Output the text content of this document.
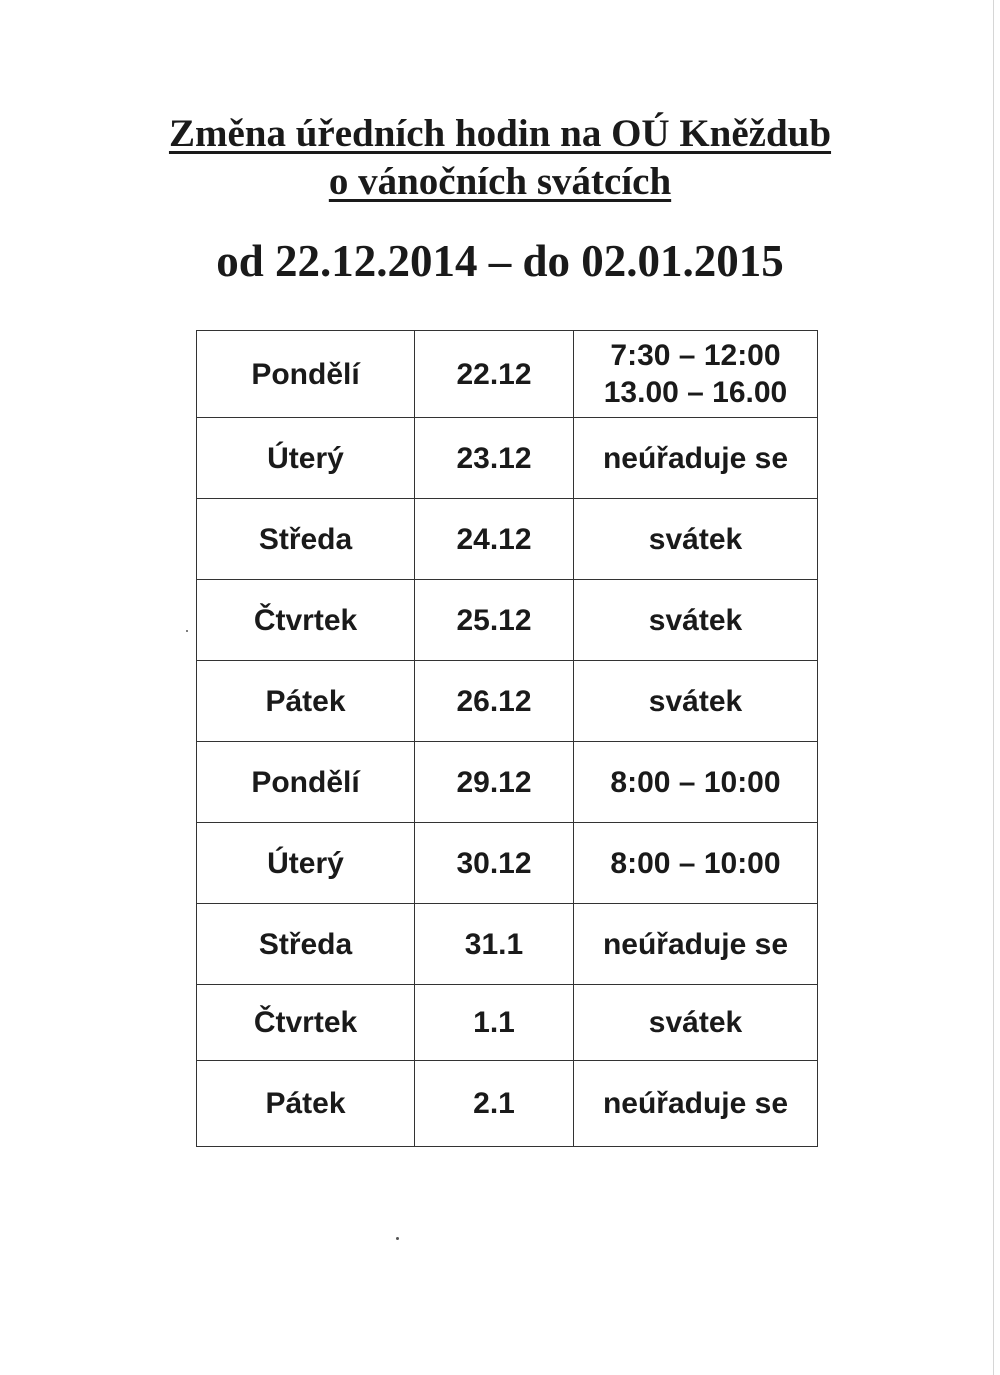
Změna úředních hodin na OÚ Kněždub
o vánočních svátcích
od 22.12.2014 – do 02.01.2015
Pondělí	22.12	7:30 – 12:00
13.00 – 16.00

Úterý	23.12	neúřaduje se
Středa	24.12	svátek
Čtvrtek	25.12	svátek
Pátek	26.12	svátek
Pondělí	29.12	8:00 – 10:00
Úterý	30.12	8:00 – 10:00
Středa	31.1	neúřaduje se
Čtvrtek	1.1	svátek
Pátek	2.1	neúřaduje se
